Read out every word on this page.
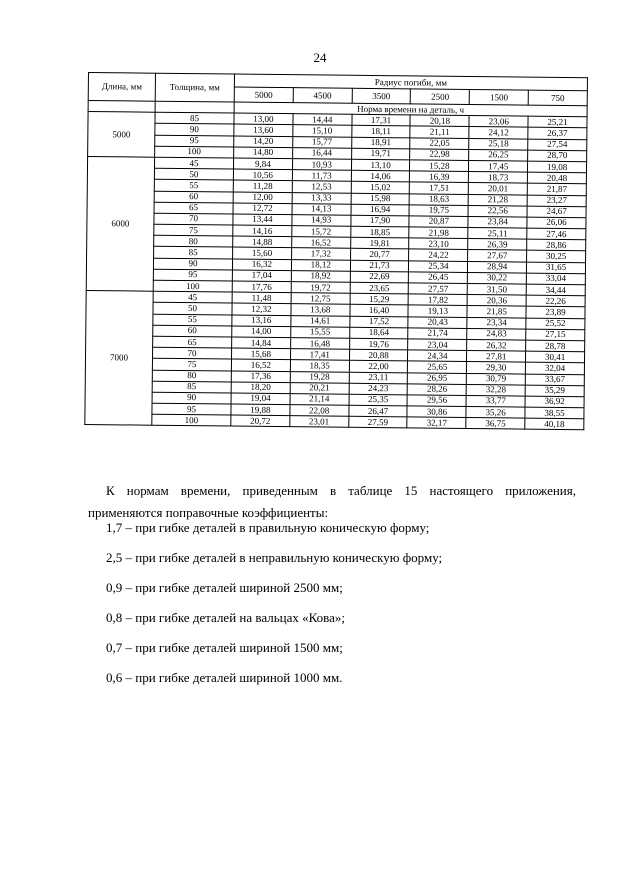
24
Длина, мм	Толщина, мм	Радиус погиби, мм					
		5000	4500	3500	2500	1500	750
		Норма времени на деталь, ч					
5000	85	13,00	14,44	17,31	20,18	23,06	25,21
	90	13,60	15,10	18,11	21,11	24,12	26,37
	95	14,20	15,77	18,91	22,05	25,18	27,54
	100	14,80	16,44	19,71	22,98	26,25	28,70
6000	45	9,84	10,93	13,10	15,28	17,45	19,08
	50	10,56	11,73	14,06	16,39	18,73	20,48
	55	11,28	12,53	15,02	17,51	20,01	21,87
	60	12,00	13,33	15,98	18,63	21,28	23,27
	65	12,72	14,13	16,94	19,75	22,56	24,67
	70	13,44	14,93	17,90	20,87	23,84	26,06
	75	14,16	15,72	18,85	21,98	25,11	27,46
	80	14,88	16,52	19,81	23,10	26,39	28,86
	85	15,60	17,32	20,77	24,22	27,67	30,25
	90	16,32	18,12	21,73	25,34	28,94	31,65
	95	17,04	18,92	22,69	26,45	30,22	33,04
	100	17,76	19,72	23,65	27,57	31,50	34,44
7000	45	11,48	12,75	15,29	17,82	20,36	22,26
	50	12,32	13,68	16,40	19,13	21,85	23,89
	55	13,16	14,61	17,52	20,43	23,34	25,52
	60	14,00	15,55	18,64	21,74	24,83	27,15
	65	14,84	16,48	19,76	23,04	26,32	28,78
	70	15,68	17,41	20,88	24,34	27,81	30,41
	75	16,52	18,35	22,00	25,65	29,30	32,04
	80	17,36	19,28	23,11	26,95	30,79	33,67
	85	18,20	20,21	24,23	28,26	32,28	35,29
	90	19,04	21,14	25,35	29,56	33,77	36,92
	95	19,88	22,08	26,47	30,86	35,26	38,55
	100	20,72	23,01	27,59	32,17	36,75	40,18
К нормам времени, приведенным в таблице 15 настоящего приложения, применяются поправочные коэффициенты:
1,7 – при гибке деталей в правильную коническую форму;
2,5 – при гибке деталей в неправильную коническую форму;
0,9 – при гибке деталей шириной 2500 мм;
0,8 – при гибке деталей на вальцах «Кова»;
0,7 – при гибке деталей шириной 1500 мм;
0,6 – при гибке деталей шириной 1000 мм.
